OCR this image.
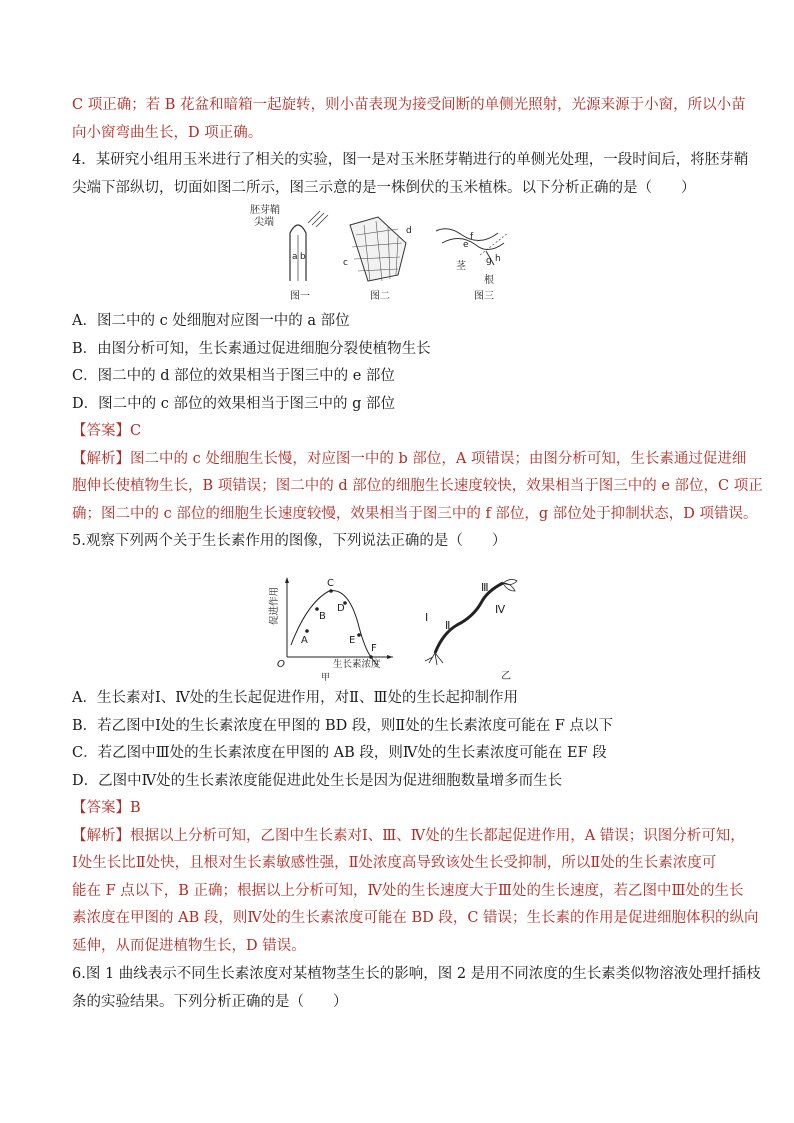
C 项正确；若 B 花盆和暗箱一起旋转，则小苗表现为接受间断的单侧光照射，光源来源于小窗，所以小苗
向小窗弯曲生长，D 项正确。
4．某研究小组用玉米进行了相关的实验，图一是对玉米胚芽鞘进行的单侧光处理，一段时间后，将胚芽鞘
尖端下部纵切，切面如图二所示，图三示意的是一株倒伏的玉米植株。以下分析正确的是（　　）
胚芽鞘
尖端
a b
图一
c
d
图二
e
f
g h
茎
根
图三
A．图二中的 c 处细胞对应图一中的 a 部位
B．由图分析可知，生长素通过促进细胞分裂使植物生长
C．图二中的 d 部位的效果相当于图三中的 e 部位
D．图二中的 c 部位的效果相当于图三中的 g 部位
【答案】C
【解析】图二中的 c 处细胞生长慢，对应图一中的 b 部位，A 项错误；由图分析可知，生长素通过促进细
胞伸长使植物生长，B 项错误；图二中的 d 部位的细胞生长速度较快，效果相当于图三中的 e 部位，C 项正
确；图二中的 c 部位的细胞生长速度较慢，效果相当于图三中的 f 部位，g 部位处于抑制状态，D 项错误。
5.观察下列两个关于生长素作用的图像，下列说法正确的是（　　）
A
B
C
D
E
F
O	生长素浓度
促进作用
甲
Ⅰ
Ⅱ
Ⅲ
Ⅳ
乙
A．生长素对Ⅰ、Ⅳ处的生长起促进作用，对Ⅱ、Ⅲ处的生长起抑制作用
B．若乙图中Ⅰ处的生长素浓度在甲图的 BD 段，则Ⅱ处的生长素浓度可能在 F 点以下
C．若乙图中Ⅲ处的生长素浓度在甲图的 AB 段，则Ⅳ处的生长素浓度可能在 EF 段
D．乙图中Ⅳ处的生长素浓度能促进此处生长是因为促进细胞数量增多而生长
【答案】B
【解析】根据以上分析可知，乙图中生长素对Ⅰ、Ⅲ、Ⅳ处的生长都起促进作用，A 错误；识图分析可知，
Ⅰ处生长比Ⅱ处快，且根对生长素敏感性强，Ⅱ处浓度高导致该处生长受抑制，所以Ⅱ处的生长素浓度可
能在 F 点以下，B 正确；根据以上分析可知，Ⅳ处的生长速度大于Ⅲ处的生长速度，若乙图中Ⅲ处的生长
素浓度在甲图的 AB 段，则Ⅳ处的生长素浓度可能在 BD 段，C 错误；生长素的作用是促进细胞体积的纵向
延伸，从而促进植物生长，D 错误。
6.图 1 曲线表示不同生长素浓度对某植物茎生长的影响，图 2 是用不同浓度的生长素类似物溶液处理扦插枝
条的实验结果。下列分析正确的是（　　）
